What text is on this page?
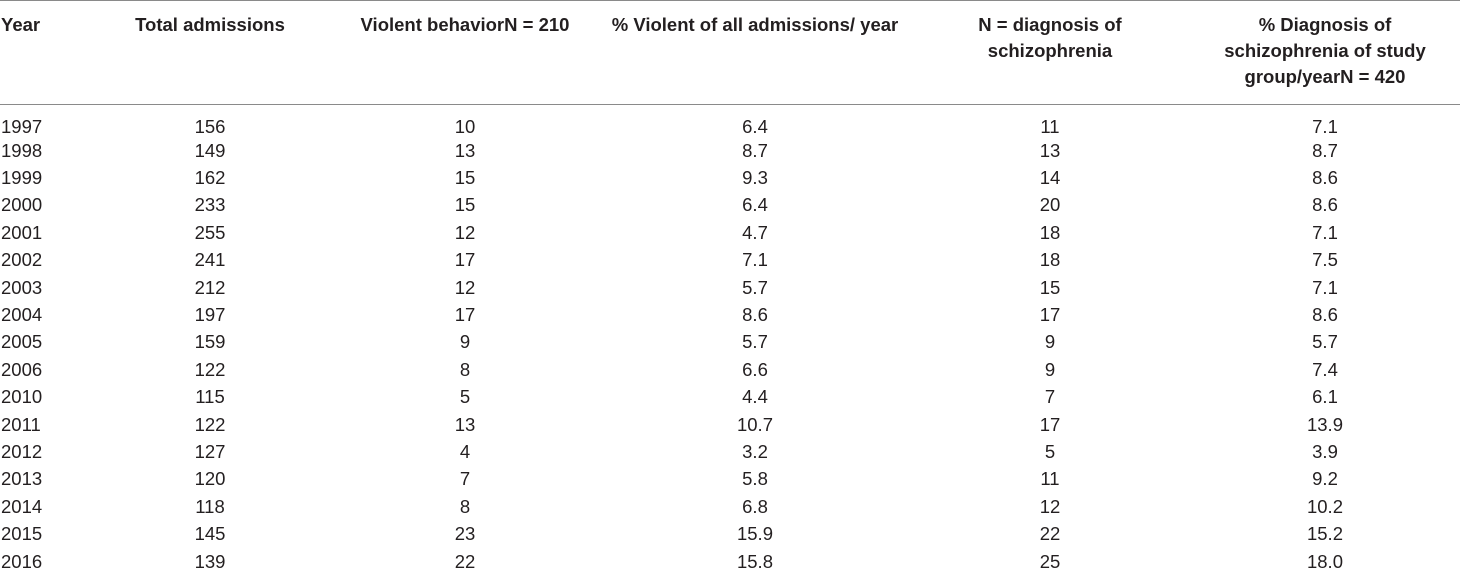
Year	Total admissions	Violent behaviorN = 210	% Violent of all admissions/ year	N = diagnosis of schizophrenia	% Diagnosis of schizophrenia of study group/yearN = 420
1997	156	10	6.4	11	7.1
1998	149	13	8.7	13	8.7
1999	162	15	9.3	14	8.6
2000	233	15	6.4	20	8.6
2001	255	12	4.7	18	7.1
2002	241	17	7.1	18	7.5
2003	212	12	5.7	15	7.1
2004	197	17	8.6	17	8.6
2005	159	9	5.7	9	5.7
2006	122	8	6.6	9	7.4
2010	115	5	4.4	7	6.1
2011	122	13	10.7	17	13.9
2012	127	4	3.2	5	3.9
2013	120	7	5.8	11	9.2
2014	118	8	6.8	12	10.2
2015	145	23	15.9	22	15.2
2016	139	22	15.8	25	18.0
